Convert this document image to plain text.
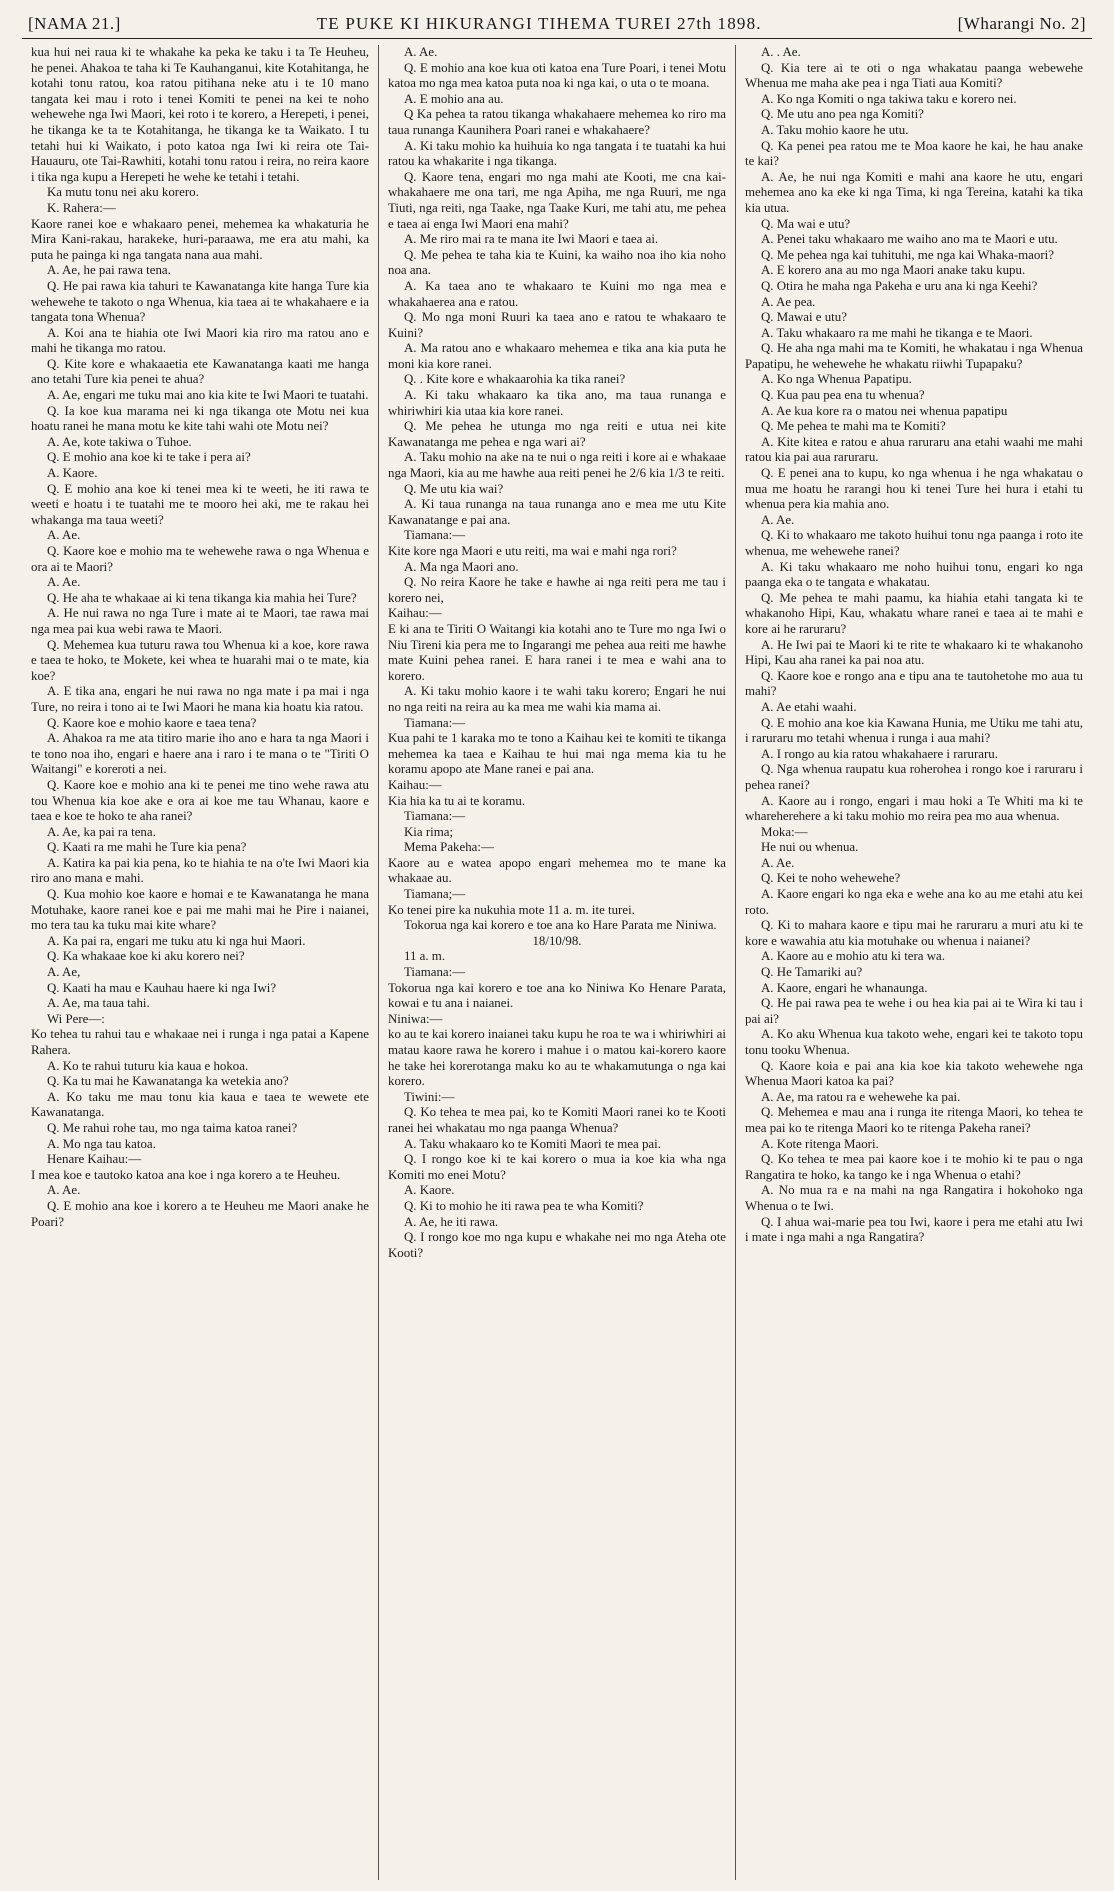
[NAMA 21.]	TE PUKE KI HIKURANGI TIHEMA TUREI 27th 1898.	[Wharangi No. 2]

kua hui nei raua ki te whakahe ka peka ke taku i ta Te Heuheu, he penei. Ahakoa te taha ki Te Kauhanganui, kite Kotahitanga, he kotahi tonu ratou, koa ratou pitihana neke atu i te 10 mano tangata kei mau i roto i tenei Komiti te penei na kei te noho wehewehe nga Iwi Maori, kei roto i te korero, a Herepeti, i penei, he tikanga ke ta te Kotahitanga, he tikanga ke ta Waikato. I tu tetahi hui ki Waikato, i poto katoa nga Iwi ki reira ote Tai-Hauauru, ote Tai-Rawhiti, kotahi tonu ratou i reira, no reira kaore i tika nga kupu a Herepeti he wehe ke tetahi i tetahi.

Ka mutu tonu nei aku korero.

K. Rahera:—

Kaore ranei koe e whakaaro penei, mehemea ka whakaturia he Mira Kani-rakau, harakeke, huri-paraawa, me era atu mahi, ka puta he painga ki nga tangata nana aua mahi.

A. Ae, he pai rawa tena.

Q. He pai rawa kia tahuri te Kawanatanga kite hanga Ture kia wehewehe te takoto o nga Whenua, kia taea ai te whakahaere e ia tangata tona Whenua?

A. Koi ana te hiahia ote Iwi Maori kia riro ma ratou ano e mahi he tikanga mo ratou.

Q. Kite kore e whakaaetia ete Kawanatanga kaati me hanga ano tetahi Ture kia penei te ahua?

A. Ae, engari me tuku mai ano kia kite te Iwi Maori te tuatahi.

Q. Ia koe kua marama nei ki nga tikanga ote Motu nei kua hoatu ranei he mana motu ke kite tahi wahi ote Motu nei?

A. Ae, kote takiwa o Tuhoe.

Q. E mohio ana koe ki te take i pera ai?

A. Kaore.

Q. E mohio ana koe ki tenei mea ki te weeti, he iti rawa te weeti e hoatu i te tuatahi me te mooro hei aki, me te rakau hei whakanga ma taua weeti?

A. Ae.

Q. Kaore koe e mohio ma te wehewehe rawa o nga Whenua e ora ai te Maori?

A. Ae.

Q. He aha te whakaae ai ki tena tikanga kia mahia hei Ture?

A. He nui rawa no nga Ture i mate ai te Maori, tae rawa mai nga mea pai kua webi rawa te Maori.

Q. Mehemea kua tuturu rawa tou Whenua ki a koe, kore rawa e taea te hoko, te Mokete, kei whea te huarahi mai o te mate, kia koe?

A. E tika ana, engari he nui rawa no nga mate i pa mai i nga Ture, no reira i tono ai te Iwi Maori he mana kia hoatu kia ratou.

Q. Kaore koe e mohio kaore e taea tena?

A. Ahakoa ra me ata titiro marie iho ano e hara ta nga Maori i te tono noa iho, engari e haere ana i raro i te mana o te "Tiriti O Waitangi" e koreroti a nei.

Q. Kaore koe e mohio ana ki te penei me tino wehe rawa atu tou Whenua kia koe ake e ora ai koe me tau Whanau, kaore e taea e koe te hoko te aha ranei?

A. Ae, ka pai ra tena.

Q. Kaati ra me mahi he Ture kia pena?

A. Katira ka pai kia pena, ko te hiahia te na o'te Iwi Maori kia riro ano mana e mahi.

Q. Kua mohio koe kaore e homai e te Kawanatanga he mana Motuhake, kaore ranei koe e pai me mahi mai he Pire i naianei, mo tera tau ka tuku mai kite whare?

A. Ka pai ra, engari me tuku atu ki nga hui Maori.

Q. Ka whakaae koe ki aku korero nei?

A. Ae,

Q. Kaati ha mau e Kauhau haere ki nga Iwi?

A. Ae, ma taua tahi.

Wi Pere—:

Ko tehea tu rahui tau e whakaae nei i runga i nga patai a Kapene Rahera.

A. Ko te rahui tuturu kia kaua e hokoa.

Q. Ka tu mai he Kawanatanga ka wetekia ano?

A. Ko taku me mau tonu kia kaua e taea te wewete ete Kawanatanga.

Q. Me rahui rohe tau, mo nga taima katoa ranei?

A. Mo nga tau katoa.

Henare Kaihau:—

I mea koe e tautoko katoa ana koe i nga korero a te Heuheu.

A. Ae.

Q. E mohio ana koe i korero a te Heuheu me Maori anake he Poari?

A. Ae.

Q. E mohio ana koe kua oti katoa ena Ture Poari, i tenei Motu katoa mo nga mea katoa puta noa ki nga kai, o uta o te moana.

A. E mohio ana au.

Q Ka pehea ta ratou tikanga whakahaere mehemea ko riro ma taua runanga Kaunihera Poari ranei e whakahaere?

A. Ki taku mohio ka huihuia ko nga tangata i te tuatahi ka hui ratou ka whakarite i nga tikanga.

Q. Kaore tena, engari mo nga mahi ate Kooti, me cna kai-whakahaere me ona tari, me nga Apiha, me nga Ruuri, me nga Tiuti, nga reiti, nga Taake, nga Taake Kuri, me tahi atu, me pehea e taea ai enga Iwi Maori ena mahi?

A. Me riro mai ra te mana ite Iwi Maori e taea ai.

Q. Me pehea te taha kia te Kuini, ka waiho noa iho kia noho noa ana.

A. Ka taea ano te whakaaro te Kuini mo nga mea e whakahaerea ana e ratou.

Q. Mo nga moni Ruuri ka taea ano e ratou te whakaaro te Kuini?

A. Ma ratou ano e whakaaro mehemea e tika ana kia puta he moni kia kore ranei.

Q. . Kite kore e whakaarohia ka tika ranei?

A. Ki taku whakaaro ka tika ano, ma taua runanga e whiriwhiri kia utaa kia kore ranei.

Q. Me pehea he utunga mo nga reiti e utua nei kite Kawanatanga me pehea e nga wari ai?

A. Taku mohio na ake na te nui o nga reiti i kore ai e whakaae nga Maori, kia au me hawhe aua reiti penei he 2/6 kia 1/3 te reiti.

Q. Me utu kia wai?

A. Ki taua runanga na taua runanga ano e mea me utu Kite Kawanatange e pai ana.

Tiamana:—

Kite kore nga Maori e utu reiti, ma wai e mahi nga rori?

A. Ma nga Maori ano.

Q. No reira Kaore he take e hawhe ai nga reiti pera me tau i korero nei,

Kaihau:—

E ki ana te Tiriti O Waitangi kia kotahi ano te Ture mo nga Iwi o Niu Tireni kia pera me to Ingarangi me pehea aua reiti me hawhe mate Kuini pehea ranei. E hara ranei i te mea e wahi ana to korero.

A. Ki taku mohio kaore i te wahi taku korero; Engari he nui no nga reiti na reira au ka mea me wahi kia mama ai.

Tiamana:—

Kua pahi te 1 karaka mo te tono a Kaihau kei te komiti te tikanga mehemea ka taea e Kaihau te hui mai nga mema kia tu he koramu apopo ate Mane ranei e pai ana.

Kaihau:—

Kia hia ka tu ai te koramu.

Tiamana:—

Kia rima;

Mema Pakeha:—

Kaore au e wateа apopo engari mehemea mo te mane ka whakaae au.

Tiamana;—

Ko tenei pire ka nukuhia mote 11 a. m. ite turei.

Tokorua nga kai korero e toe ana ko Hare Parata me Niniwa.

18/10/98.

11 a. m.

Tiamana:—

Tokorua nga kai korero e toe ana ko Niniwa Ko Henare Parata, kowai e tu ana i naianei.

Niniwa:—

ko au te kai korero inaianei taku kupu he roa te wa i whiriwhiri ai matau kaore rawa he korero i mahue i o matou kai-korero kaore he take hei korerotanga maku ko au te whakamutunga o nga kai korero.

Tiwini:—

Q. Ko tehea te mea pai, ko te Komiti Maori ranei ko te Kooti ranei hei whakatau mo nga paanga Whenua?

A. Taku whakaaro ko te Komiti Maori te mea pai.

Q. I rongo koe ki te kai korero o mua ia koe kia wha nga Komiti mo enei Motu?

A. Kaore.

Q. Ki to mohio he iti rawa pea te wha Komiti?

A. Ae, he iti rawa.

Q. I rongo koe mo nga kupu e whakahe nei mo nga Ateha ote Kooti?

A. . Ae.

Q. Kia tere ai te oti o nga whakatau paanga webewehe Whenua me maha ake pea i nga Tiati aua Komiti?

A. Ko nga Komiti o nga takiwa taku e korero nei.

Q. Me utu ano pea nga Komiti?

A. Taku mohio kaore he utu.

Q. Ka penei pea ratou me te Moa kaore he kai, he hau anake te kai?

A. Ae, he nui nga Komiti e mahi ana kaore he utu, engari mehemea ano ka eke ki nga Tima, ki nga Tereina, katahi ka tika kia utua.

Q. Ma wai e utu?

A. Penei taku whakaaro me waiho ano ma te Maori e utu.

Q. Me pehea nga kai tuhituhi, me nga kai Whaka-maori?

A. E korero ana au mo nga Maori anake taku kupu.

Q. Otira he maha nga Pakeha e uru ana ki nga Keehi?

A. Ae pea.

Q. Mawai e utu?

A. Taku whakaaro ra me mahi he tikanga e te Maori.

Q. He aha nga mahi ma te Komiti, he whakatau i nga Whenua Papatipu, he wehewehe he whakatu riiwhi Tupapaku?

A. Ko nga Whenua Papatipu.

Q. Kua pau pea ena tu whenua?

A. Ae kua kore ra o matou nei whenua papatipu

Q. Me pehea te mahi ma te Komiti?

A. Kite kitea e ratou e ahua raruraru ana etahi waahi me mahi ratou kia pai aua raruraru.

Q. E penei ana to kupu, ko nga whenua i he nga whakatau o mua me hoatu he rarangi hou ki tenei Ture hei hura i etahi tu whenua pera kia mahia ano.

A. Ae.

Q. Ki to whakaaro me takoto huihui tonu nga paanga i roto ite whenua, me wehewehe ranei?

A. Ki taku whakaaro me noho huihui tonu, engari ko nga paanga eka o te tangata e whakatau.

Q. Me pehea te mahi paamu, ka hiahia etahi tangata ki te whakanoho Hipi, Kau, whakatu whare ranei e taea ai te mahi e kore ai he raruraru?

A. He Iwi pai te Maori ki te rite te whakaaro ki te whakanoho Hipi, Kau aha ranei ka pai noa atu.

Q. Kaore koe e rongo ana e tipu ana te tautohetohe mo aua tu mahi?

A. Ae etahi waahi.

Q. E mohio ana koe kia Kawana Hunia, me Utiku me tahi atu, i raruraru mo tetahi whenua i runga i aua mahi?

A. I rongo au kia ratou whakahaere i raruraru.

Q. Nga whenua raupatu kua roherohea i rongo koe i raruraru i pehea ranei?

A. Kaore au i rongo, engari i mau hoki a Te Whiti ma ki te whareherehere a ki taku mohio mo reira pea mo aua whenua.

Moka:—

He nui ou whenua.

A. Ae.

Q. Kei te noho wehewehe?

A. Kaore engari ko nga eka e wehe ana ko au me etahi atu kei roto.

Q. Ki to mahara kaore e tipu mai he raruraru a muri atu ki te kore e wawahia atu kia motuhake ou whenua i naianei?

A. Kaore au e mohio atu ki tera wa.

Q. He Tamariki au?

A. Kaore, engari he whanaunga.

Q. He pai rawa pea te wehe i ou hea kia pai ai te Wira ki tau i pai ai?

A. Ko aku Whenua kua takoto wehe, engari kei te takoto topu tonu tooku Whenua.

Q. Kaore koia e pai ana kia koe kia takoto wehewehe nga Whenua Maori katoa ka pai?

A. Ae, ma ratou ra e wehewehe ka pai.

Q. Mehemea e mau ana i runga ite ritenga Maori, ko tehea te mea pai ko te ritenga Maori ko te ritenga Pakeha ranei?

A. Kote ritenga Maori.

Q. Ko tehea te mea pai kaore koe i te mohio ki te pau o nga Rangatira te hoko, ka tango ke i nga Whenua o etahi?

A. No mua ra e na mahi na nga Rangatira i hokohoko nga Whenua o te Iwi.

Q. I ahua wai-marie pea tou Iwi, kaore i pera me etahi atu Iwi i mate i nga mahi a nga Rangatira?
